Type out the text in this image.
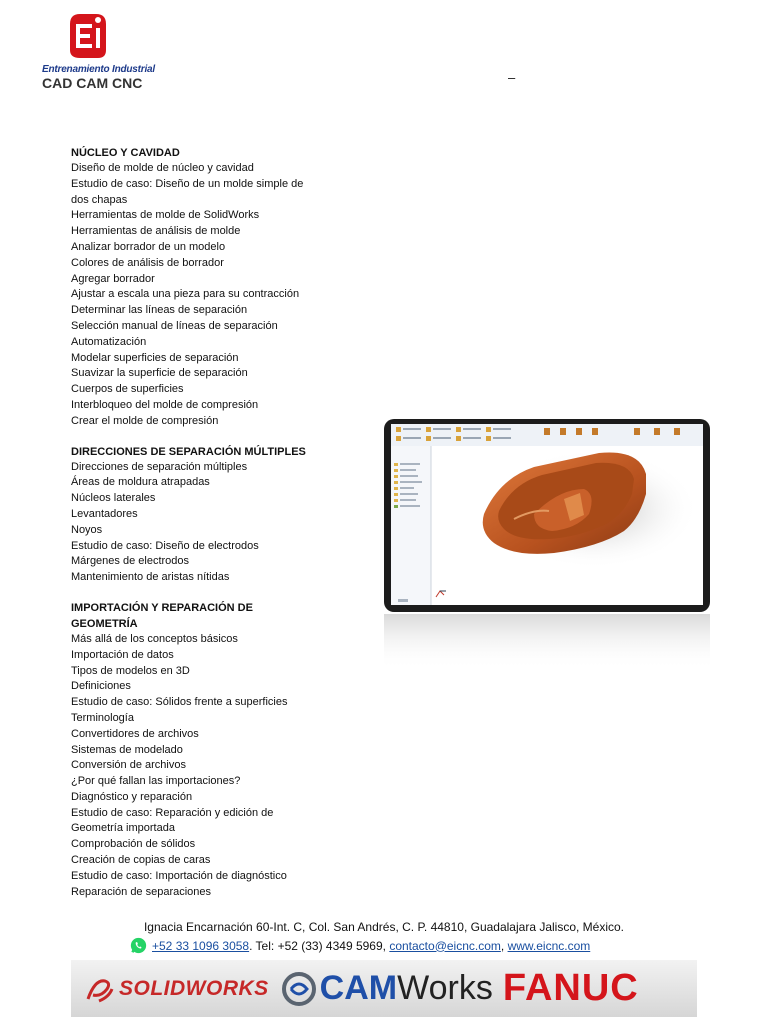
Entrenamiento Industrial
CAD CAM CNC	–
NÚCLEO Y CAVIDAD
Diseño de molde de núcleo y cavidad
Estudio de caso: Diseño de un molde simple de
dos chapas
Herramientas de molde de SolidWorks
Herramientas de análisis de molde
Analizar borrador de un modelo
Colores de análisis de borrador
Agregar borrador
Ajustar a escala una pieza para su contracción
Determinar las líneas de separación
Selección manual de líneas de separación
Automatización
Modelar superficies de separación
Suavizar la superficie de separación
Cuerpos de superficies
Interbloqueo del molde de compresión
Crear el molde de compresión
DIRECCIONES DE SEPARACIÓN MÚLTIPLES
Direcciones de separación múltiples
Áreas de moldura atrapadas
Núcleos laterales
Levantadores
Noyos
Estudio de caso: Diseño de electrodos
Márgenes de electrodos
Mantenimiento de aristas nítidas
IMPORTACIÓN Y REPARACIÓN DE GEOMETRÍA
Más allá de los conceptos básicos
Importación de datos
Tipos de modelos en 3D
Definiciones
Estudio de caso: Sólidos frente a superficies
Terminología
Convertidores de archivos
Sistemas de modelado
Conversión de archivos
¿Por qué fallan las importaciones?
Diagnóstico y reparación
Estudio de caso: Reparación y edición de
Geometría importada
Comprobación de sólidos
Creación de copias de caras
Estudio de caso: Importación de diagnóstico
Reparación de separaciones
Ignacia Encarnación 60-Int. C, Col. San Andrés, C. P. 44810, Guadalajara Jalisco, México.
+52 33 1096 3058 . Tel: +52 (33) 4349 5969, contacto@eicnc.com , www.eicnc.com
SOLIDWORKS CAM Works FANUC
